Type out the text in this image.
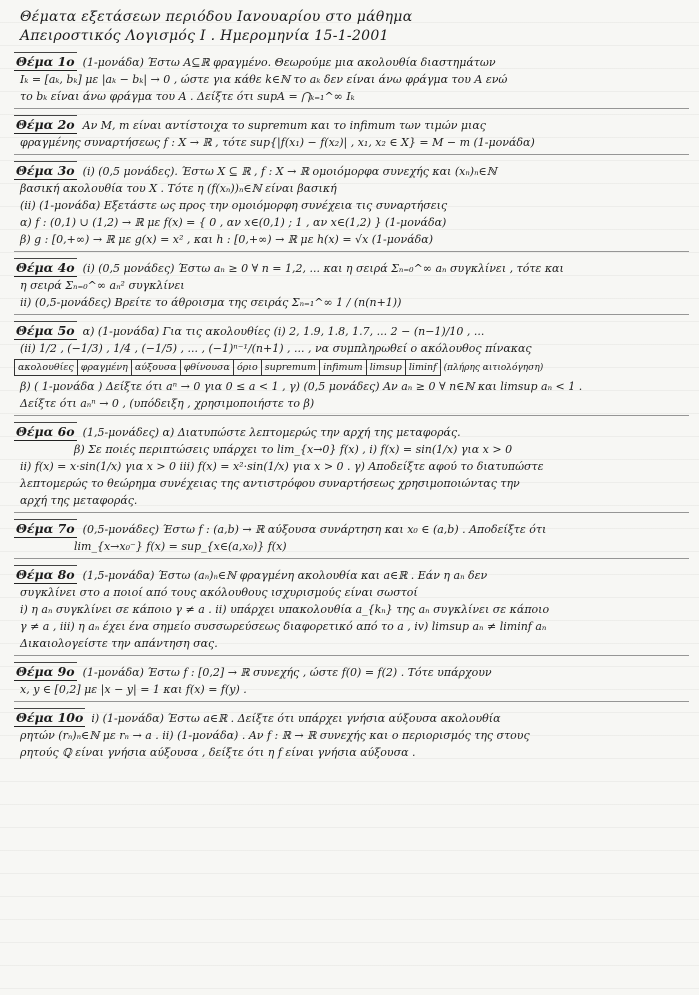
Θέματα εξετάσεων περιόδου Ιανουαρίου στο μάθημα
Απειροστικός Λογισμός Ι . Ημερομηνία 15-1-2001
Θέμα 1ο (1-μονάδα) Έστω A⊆ℝ φραγμένο. Θεωρούμε μια ακολουθία διαστημάτων
Iₖ = [aₖ, bₖ] με |aₖ − bₖ| → 0 , ώστε για κάθε k∈ℕ το aₖ δεν είναι άνω φράγμα του A ενώ
το bₖ είναι άνω φράγμα του A . Δείξτε ότι supA = ⋂ₖ₌₁^∞ Iₖ
Θέμα 2ο Αν M, m είναι αντίστοιχα το supremum και το infimum των τιμών μιας
φραγμένης συναρτήσεως f : X → ℝ , τότε sup{|f(x₁) − f(x₂)| , x₁, x₂ ∈ X} = M − m (1-μονάδα)
Θέμα 3ο (i) (0,5 μονάδες). Έστω X ⊆ ℝ , f : X → ℝ ομοιόμορφα συνεχής και (xₙ)ₙ∈ℕ
βασική ακολουθία του X . Τότε η (f(xₙ))ₙ∈ℕ είναι βασική
(ii) (1-μονάδα) Εξετάστε ως προς την ομοιόμορφη συνέχεια τις συναρτήσεις
α) f : (0,1) ∪ (1,2) → ℝ με f(x) = { 0 , αν x∈(0,1) ; 1 , αν x∈(1,2) } (1-μονάδα)
β) g : [0,+∞) → ℝ με g(x) = x² , και h : [0,+∞) → ℝ με h(x) = √x (1-μονάδα)
Θέμα 4ο (i) (0,5 μονάδες) Έστω aₙ ≥ 0 ∀ n = 1,2, ... και η σειρά Σₙ₌₀^∞ aₙ συγκλίνει , τότε και
η σειρά Σₙ₌₀^∞ aₙ² συγκλίνει
ii) (0,5-μονάδες) Βρείτε το άθροισμα της σειράς Σₙ₌₁^∞ 1 / (n(n+1))
Θέμα 5ο α) (1-μονάδα) Για τις ακολουθίες (i) 2, 1.9, 1.8, 1.7, ... 2 − (n−1)/10 , ...
(ii) 1/2 , (−1/3) , 1/4 , (−1/5) , ... , (−1)ⁿ⁻¹/(n+1) , ... , να συμπληρωθεί ο ακόλουθος πίνακας
ακολουθίες	φραγμένη	αύξουσα	φθίνουσα	όριο	supremum	infimum	limsup	liminf	(πλήρης αιτιολόγηση)
β) ( 1-μονάδα ) Δείξτε ότι aⁿ → 0 για 0 ≤ a < 1 , γ) (0,5 μονάδες) Αν aₙ ≥ 0 ∀ n∈ℕ και limsup aₙ < 1 .
Δείξτε ότι aₙⁿ → 0 , (υπόδειξη , χρησιμοποιήστε το β)
Θέμα 6ο (1,5-μονάδες) α) Διατυπώστε λεπτομερώς την αρχή της μεταφοράς.
β) Σε ποιές περιπτώσεις υπάρχει το lim_{x→0} f(x) , i) f(x) = sin(1/x) για x > 0
ii) f(x) = x·sin(1/x) για x > 0 iii) f(x) = x²·sin(1/x) για x > 0 . γ) Αποδείξτε αφού το διατυπώστε
λεπτομερώς το θεώρημα συνέχειας της αντιστρόφου συναρτήσεως χρησιμοποιώντας την
αρχή της μεταφοράς.
Θέμα 7ο (0,5-μονάδες) Έστω f : (a,b) → ℝ αύξουσα συνάρτηση και x₀ ∈ (a,b) . Αποδείξτε ότι
lim_{x→x₀⁻} f(x) = sup_{x∈(a,x₀)} f(x)
Θέμα 8ο (1,5-μονάδα) Έστω (aₙ)ₙ∈ℕ φραγμένη ακολουθία και a∈ℝ . Εάν η aₙ δεν
συγκλίνει στο a ποιοί από τους ακόλουθους ισχυρισμούς είναι σωστοί
i) η aₙ συγκλίνει σε κάποιο γ ≠ a . ii) υπάρχει υπακολουθία a_{kₙ} της aₙ συγκλίνει σε κάποιο
γ ≠ a , iii) η aₙ έχει ένα σημείο συσσωρεύσεως διαφορετικό από το a , iv) limsup aₙ ≠ liminf aₙ
Δικαιολογείστε την απάντηση σας.
Θέμα 9ο (1-μονάδα) Έστω f : [0,2] → ℝ συνεχής , ώστε f(0) = f(2) . Τότε υπάρχουν
x, y ∈ [0,2] με |x − y| = 1 και f(x) = f(y) .
Θέμα 10ο i) (1-μονάδα) Έστω a∈ℝ . Δείξτε ότι υπάρχει γνήσια αύξουσα ακολουθία
ρητών (rₙ)ₙ∈ℕ με rₙ → a . ii) (1-μονάδα) . Αν f : ℝ → ℝ συνεχής και ο περιορισμός της στους
ρητούς ℚ είναι γνήσια αύξουσα , δείξτε ότι η f είναι γνήσια αύξουσα .
